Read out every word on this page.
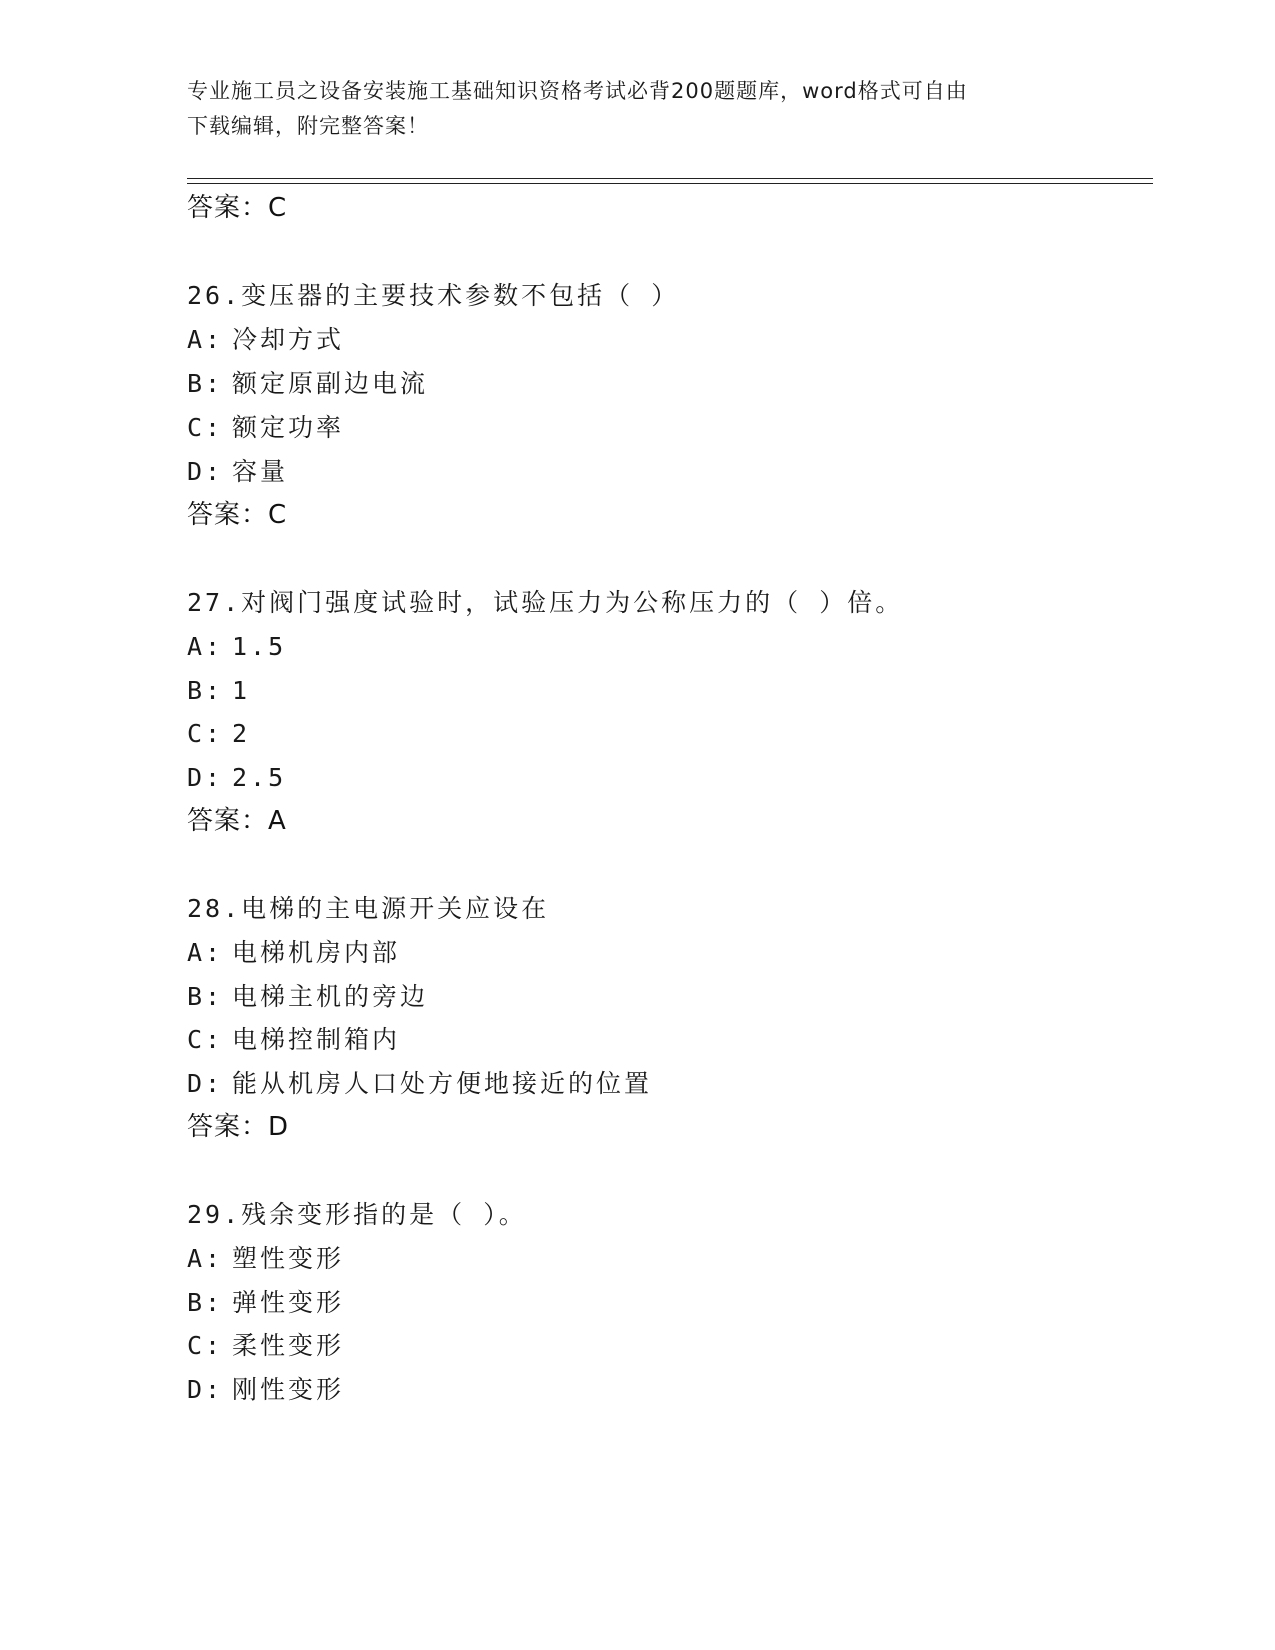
专业施工员之设备安装施工基础知识资格考试必背200题题库，word格式可自由
下载编辑，附完整答案！
答案：C
26.变压器的主要技术参数不包括（ ）
A: 冷却方式
B: 额定原副边电流
C: 额定功率
D: 容量
答案：C
27.对阀门强度试验时，试验压力为公称压力的（ ）倍。
A: 1.5
B: 1
C: 2
D: 2.5
答案：A
28.电梯的主电源开关应设在
A: 电梯机房内部
B: 电梯主机的旁边
C: 电梯控制箱内
D: 能从机房人口处方便地接近的位置
答案：D
29.残余变形指的是（ ）。
A: 塑性变形
B: 弹性变形
C: 柔性变形
D: 刚性变形
